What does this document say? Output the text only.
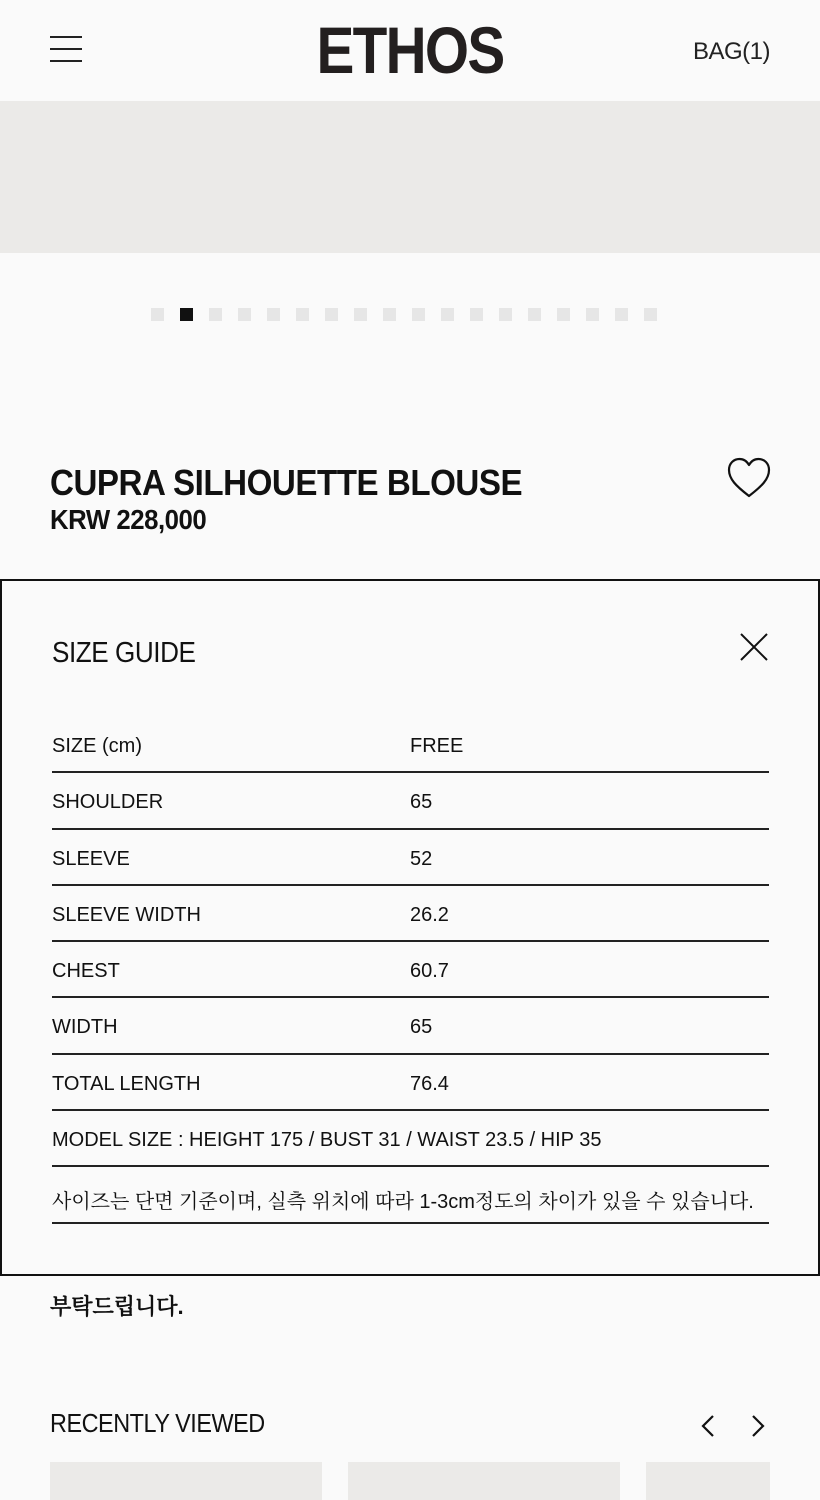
ETHOS	BAG(1)
CUPRA SILHOUETTE BLOUSE
KRW 228,000
부탁드립니다.
SIZE GUIDE
SIZE (cm)	FREE
SHOULDER	65
SLEEVE	52
SLEEVE WIDTH	26.2
CHEST	60.7
WIDTH	65
TOTAL LENGTH	76.4
MODEL SIZE : HEIGHT 175 / BUST 31 / WAIST 23.5 / HIP 35
사이즈는 단면 기준이며, 실측 위치에 따라 1-3cm정도의 차이가 있을 수 있습니다.
RECENTLY VIEWED
